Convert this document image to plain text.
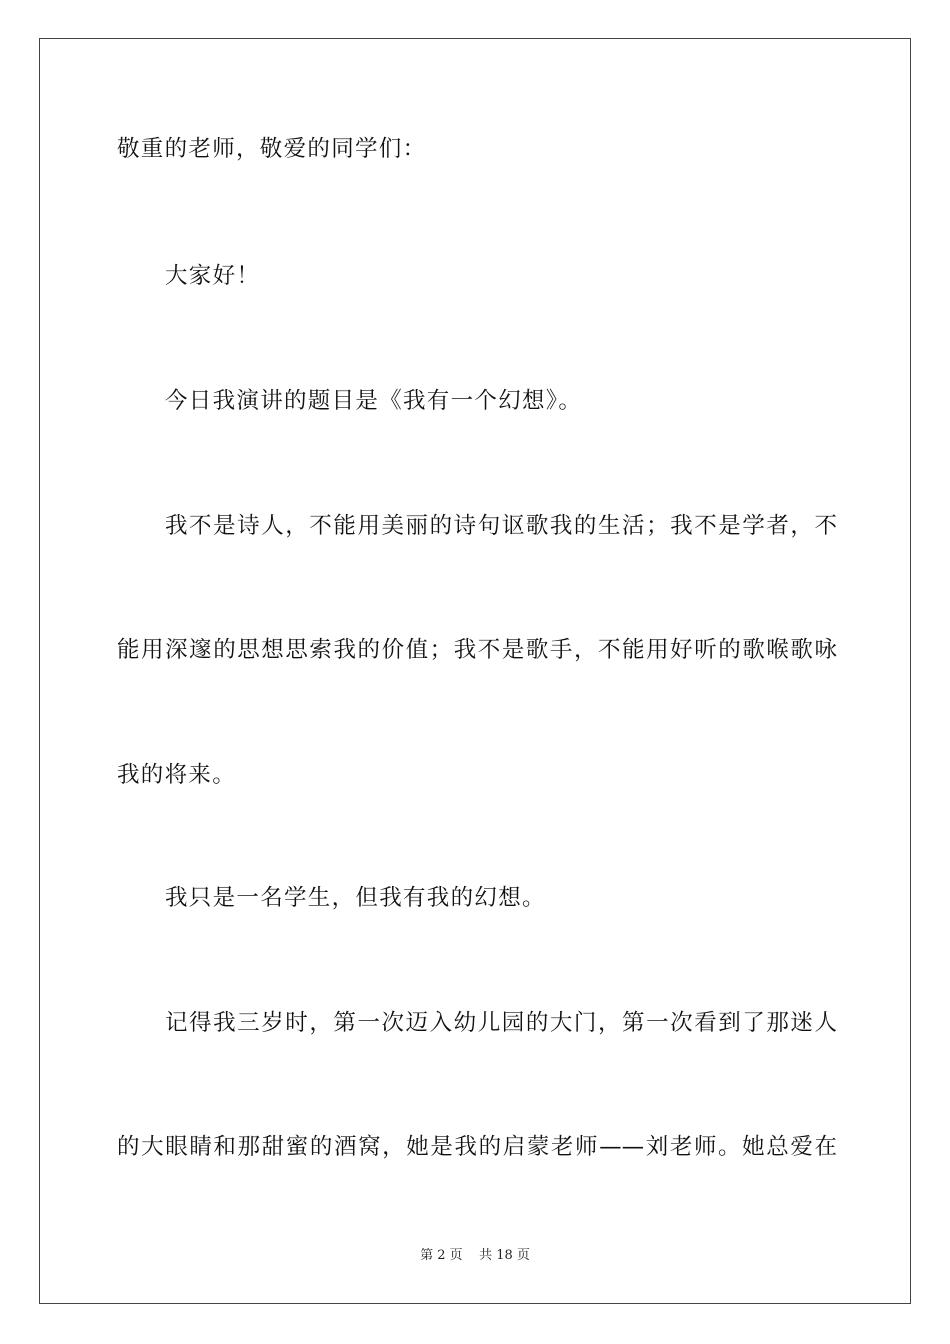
敬重的老师，敬爱的同学们：
大家好！
今日我演讲的题目是《我有一个幻想》。
我不是诗人，不能用美丽的诗句讴歌我的生活；我不是学者，不
能用深邃的思想思索我的价值；我不是歌手，不能用好听的歌喉歌咏
我的将来。
我只是一名学生，但我有我的幻想。
记得我三岁时，第一次迈入幼儿园的大门，第一次看到了那迷人
的大眼睛和那甜蜜的酒窝，她是我的启蒙老师——刘老师。她总爱在
第 2 页    共 18 页
